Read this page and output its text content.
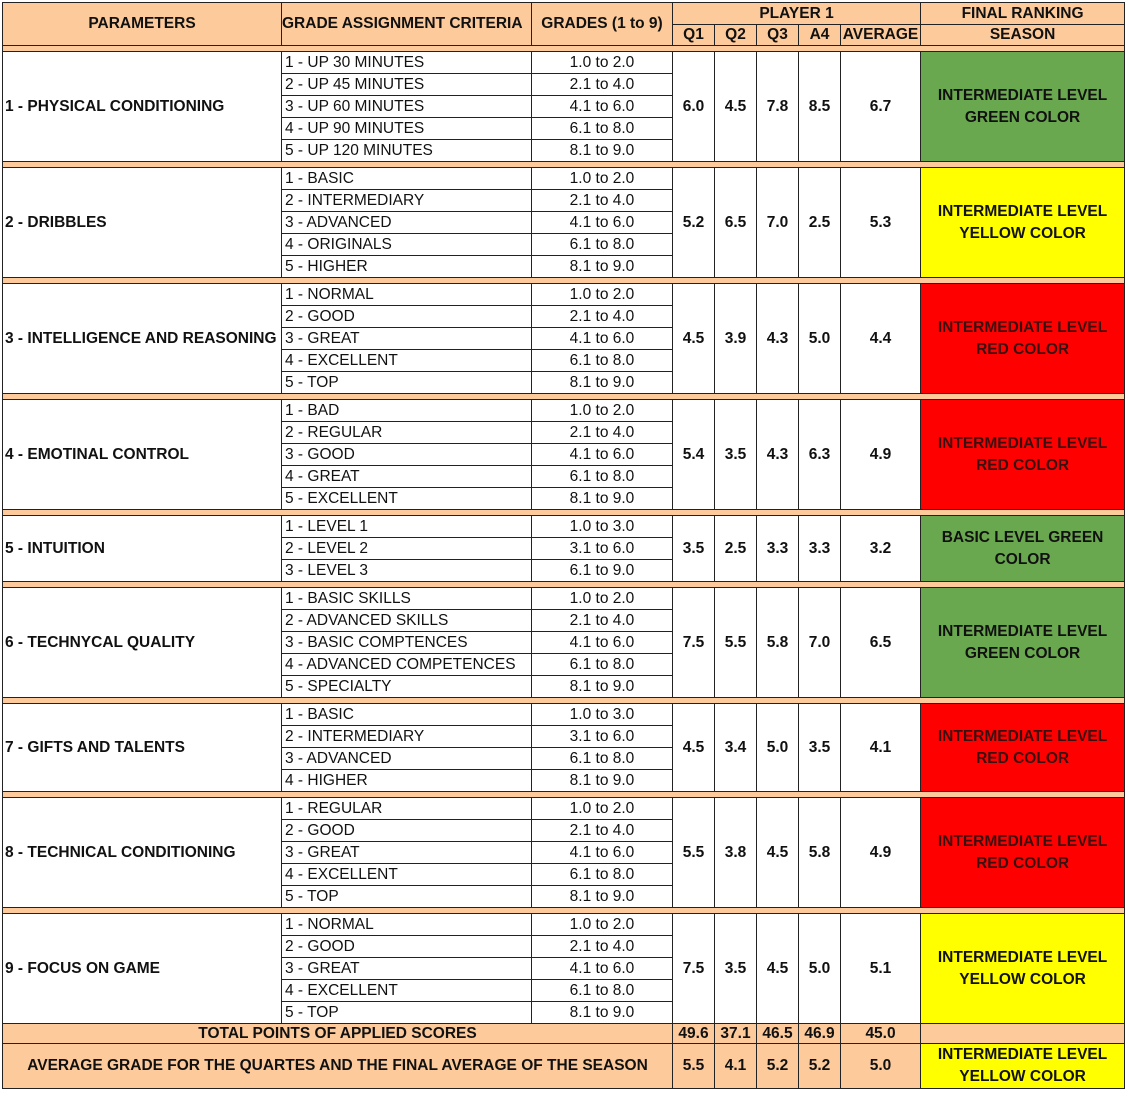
PARAMETERS	GRADE ASSIGNMENT CRITERIA	GRADES (1 to 9)	PLAYER 1					FINAL RANKING
			Q1	Q2	Q3	A4	AVERAGE	SEASON

1 - PHYSICAL CONDITIONING	1 - UP 30 MINUTES	1.0 to 2.0	6.0	4.5	7.8	8.5	6.7	INTERMEDIATE LEVEL
GREEN COLOR

	2 - UP 45 MINUTES	2.1 to 4.0						
	3 - UP 60 MINUTES	4.1 to 6.0						
	4 - UP 90 MINUTES	6.1 to 8.0						
	5 - UP 120 MINUTES	8.1 to 9.0						

2 - DRIBBLES	1 - BASIC	1.0 to 2.0	5.2	6.5	7.0	2.5	5.3	INTERMEDIATE LEVEL
YELLOW COLOR

	2 - INTERMEDIARY	2.1 to 4.0						
	3 - ADVANCED	4.1 to 6.0						
	4 - ORIGINALS	6.1 to 8.0						
	5 - HIGHER	8.1 to 9.0						

3 - INTELLIGENCE AND REASONING	1 - NORMAL	1.0 to 2.0	4.5	3.9	4.3	5.0	4.4	INTERMEDIATE LEVEL
RED COLOR

	2 - GOOD	2.1 to 4.0						
	3 - GREAT	4.1 to 6.0						
	4 - EXCELLENT	6.1 to 8.0						
	5 - TOP	8.1 to 9.0						

4 - EMOTINAL CONTROL	1 - BAD	1.0 to 2.0	5.4	3.5	4.3	6.3	4.9	INTERMEDIATE LEVEL
RED COLOR

	2 - REGULAR	2.1 to 4.0						
	3 - GOOD	4.1 to 6.0						
	4 - GREAT	6.1 to 8.0						
	5 - EXCELLENT	8.1 to 9.0						

5 - INTUITION	1 - LEVEL 1	1.0 to 3.0	3.5	2.5	3.3	3.3	3.2	BASIC LEVEL GREEN
COLOR

	2 - LEVEL 2	3.1 to 6.0						
	3 - LEVEL 3	6.1 to 9.0						

6 - TECHNYCAL QUALITY	1 - BASIC SKILLS	1.0 to 2.0	7.5	5.5	5.8	7.0	6.5	INTERMEDIATE LEVEL
GREEN COLOR

	2 - ADVANCED SKILLS	2.1 to 4.0						
	3 - BASIC COMPTENCES	4.1 to 6.0						
	4 - ADVANCED COMPETENCES	6.1 to 8.0						
	5 - SPECIALTY	8.1 to 9.0						

7 - GIFTS AND TALENTS	1 - BASIC	1.0 to 3.0	4.5	3.4	5.0	3.5	4.1	INTERMEDIATE LEVEL
RED COLOR

	2 - INTERMEDIARY	3.1 to 6.0						
	3 - ADVANCED	6.1 to 8.0						
	4 - HIGHER	8.1 to 9.0						

8 - TECHNICAL CONDITIONING	1 - REGULAR	1.0 to 2.0	5.5	3.8	4.5	5.8	4.9	INTERMEDIATE LEVEL
RED COLOR

	2 - GOOD	2.1 to 4.0						
	3 - GREAT	4.1 to 6.0						
	4 - EXCELLENT	6.1 to 8.0						
	5 - TOP	8.1 to 9.0						

9 - FOCUS ON GAME	1 - NORMAL	1.0 to 2.0	7.5	3.5	4.5	5.0	5.1	INTERMEDIATE LEVEL
YELLOW COLOR

	2 - GOOD	2.1 to 4.0						
	3 - GREAT	4.1 to 6.0						
	4 - EXCELLENT	6.1 to 8.0						
	5 - TOP	8.1 to 9.0						
TOTAL POINTS OF APPLIED SCORES			49.6	37.1	46.5	46.9	45.0	
AVERAGE GRADE FOR THE QUARTES AND THE FINAL AVERAGE OF THE SEASON			5.5	4.1	5.2	5.2	5.0	INTERMEDIATE LEVEL
YELLOW COLOR
